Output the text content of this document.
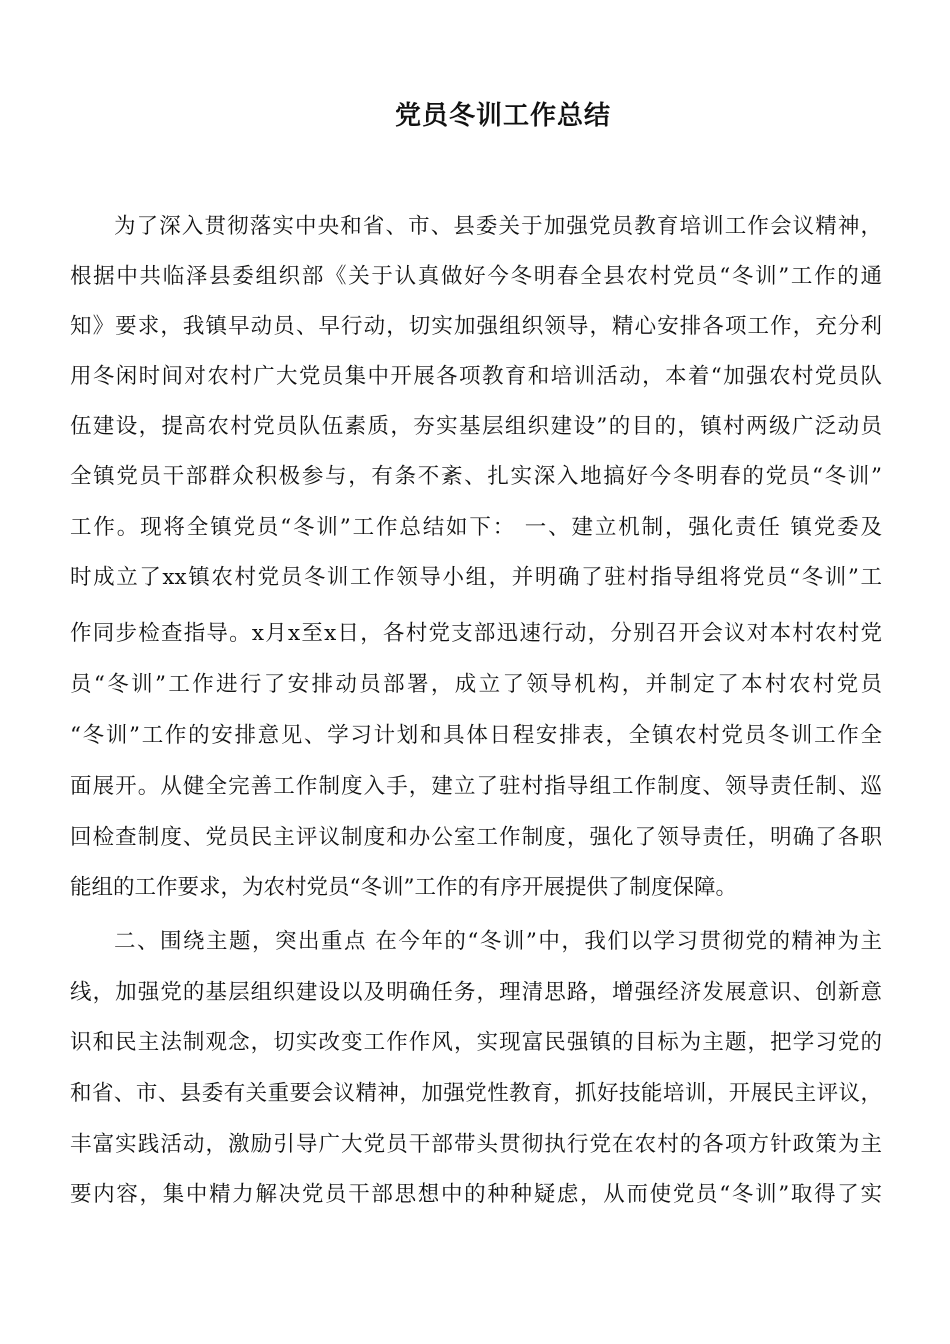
党员冬训工作总结
为了深入贯彻落实中央和省、市、县委关于加强党员教育培训工作会议精神，
根据中共临泽县委组织部《关于认真做好今冬明春全县农村党员“冬训”工作的通
知》要求，我镇早动员、早行动，切实加强组织领导，精心安排各项工作，充分利
用冬闲时间对农村广大党员集中开展各项教育和培训活动，本着“加强农村党员队
伍建设，提高农村党员队伍素质，夯实基层组织建设”的目的，镇村两级广泛动员
全镇党员干部群众积极参与，有条不紊、扎实深入地搞好今冬明春的党员“冬训”
工作。现将全镇党员“冬训”工作总结如下： 一、建立机制，强化责任 镇党委及
时成立了xx镇农村党员冬训工作领导小组，并明确了驻村指导组将党员“冬训”工
作同步检查指导。x月x至x日，各村党支部迅速行动，分别召开会议对本村农村党
员“冬训”工作进行了安排动员部署，成立了领导机构，并制定了本村农村党员
“冬训”工作的安排意见、学习计划和具体日程安排表，全镇农村党员冬训工作全
面展开。从健全完善工作制度入手，建立了驻村指导组工作制度、领导责任制、巡
回检查制度、党员民主评议制度和办公室工作制度，强化了领导责任，明确了各职
能组的工作要求，为农村党员“冬训”工作的有序开展提供了制度保障。
二、围绕主题，突出重点 在今年的“冬训”中，我们以学习贯彻党的精神为主
线，加强党的基层组织建设以及明确任务，理清思路，增强经济发展意识、创新意
识和民主法制观念，切实改变工作作风，实现富民强镇的目标为主题，把学习党的
和省、市、县委有关重要会议精神，加强党性教育，抓好技能培训，开展民主评议，
丰富实践活动，激励引导广大党员干部带头贯彻执行党在农村的各项方针政策为主
要内容，集中精力解决党员干部思想中的种种疑虑，从而使党员“冬训”取得了实
